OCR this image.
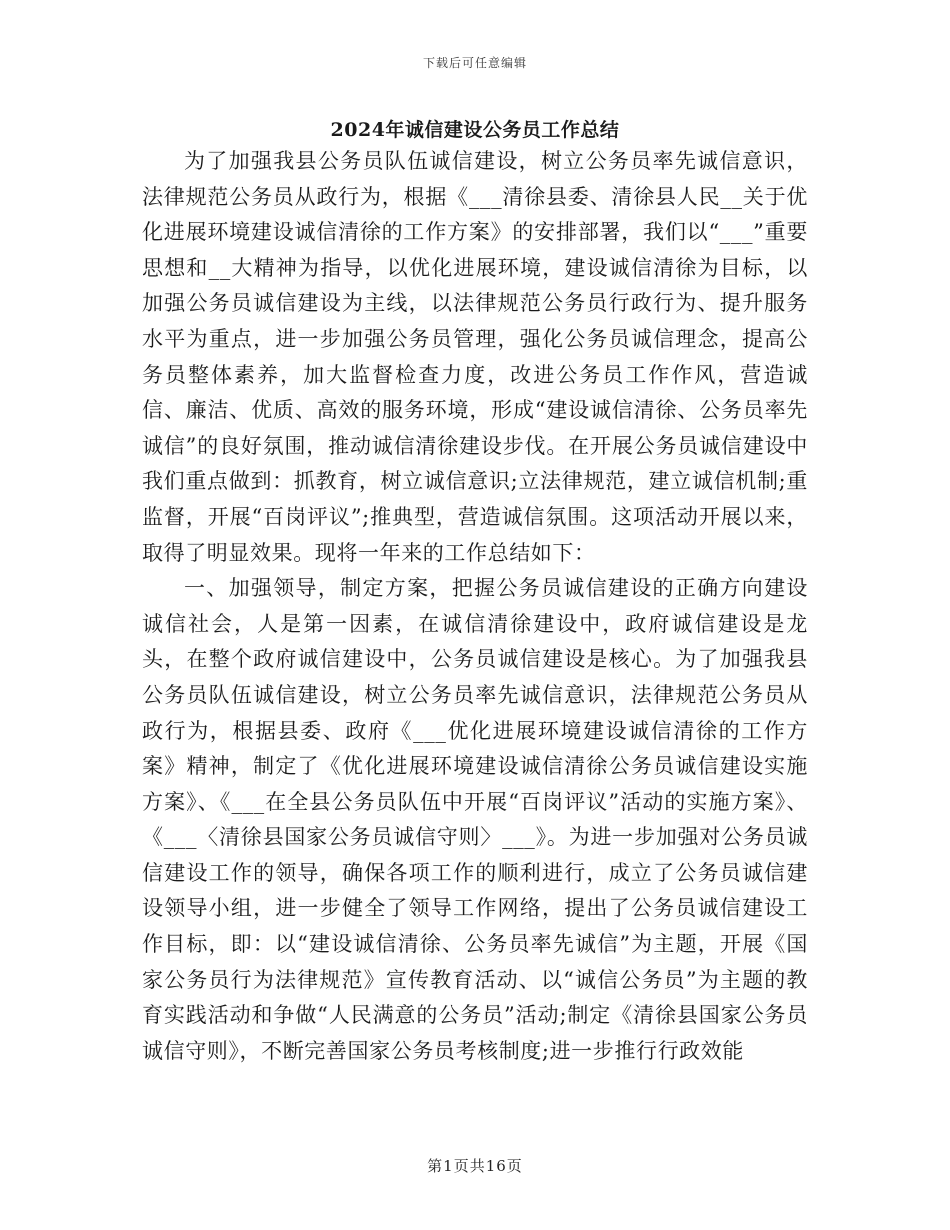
下载后可任意编辑
2024年诚信建设公务员工作总结

为了加强我县公务员队伍诚信建设，树立公务员率先诚信意识，法律规范公务员从政行为，根据《___清徐县委、清徐县人民__关于优化进展环境建设诚信清徐的工作方案》的安排部署，我们以“___”重要思想和__大精神为指导，以优化进展环境，建设诚信清徐为目标，以加强公务员诚信建设为主线，以法律规范公务员行政行为、提升服务水平为重点，进一步加强公务员管理，强化公务员诚信理念，提高公务员整体素养，加大监督检查力度，改进公务员工作作风，营造诚信、廉洁、优质、高效的服务环境，形成“建设诚信清徐、公务员率先诚信”的良好氛围，推动诚信清徐建设步伐。在开展公务员诚信建设中我们重点做到：抓教育，树立诚信意识;立法律规范，建立诚信机制;重监督，开展“百岗评议”;推典型，营造诚信氛围。这项活动开展以来，取得了明显效果。现将一年来的工作总结如下：

一、加强领导，制定方案，把握公务员诚信建设的正确方向建设诚信社会，人是第一因素，在诚信清徐建设中，政府诚信建设是龙头，在整个政府诚信建设中，公务员诚信建设是核心。为了加强我县公务员队伍诚信建设，树立公务员率先诚信意识，法律规范公务员从政行为，根据县委、政府《___优化进展环境建设诚信清徐的工作方案》精神，制定了《优化进展环境建设诚信清徐公务员诚信建设实施方案》、《___在全县公务员队伍中开展“百岗评议”活动的实施方案》、《___〈清徐县国家公务员诚信守则〉___》。为进一步加强对公务员诚信建设工作的领导，确保各项工作的顺利进行，成立了公务员诚信建设领导小组，进一步健全了领导工作网络，提出了公务员诚信建设工作目标，即：以“建设诚信清徐、公务员率先诚信”为主题，开展《国家公务员行为法律规范》宣传教育活动、以“诚信公务员”为主题的教育实践活动和争做“人民满意的公务员”活动;制定《清徐县国家公务员诚信守则》，不断完善国家公务员考核制度;进一步推行行政效能

第1页共16页
